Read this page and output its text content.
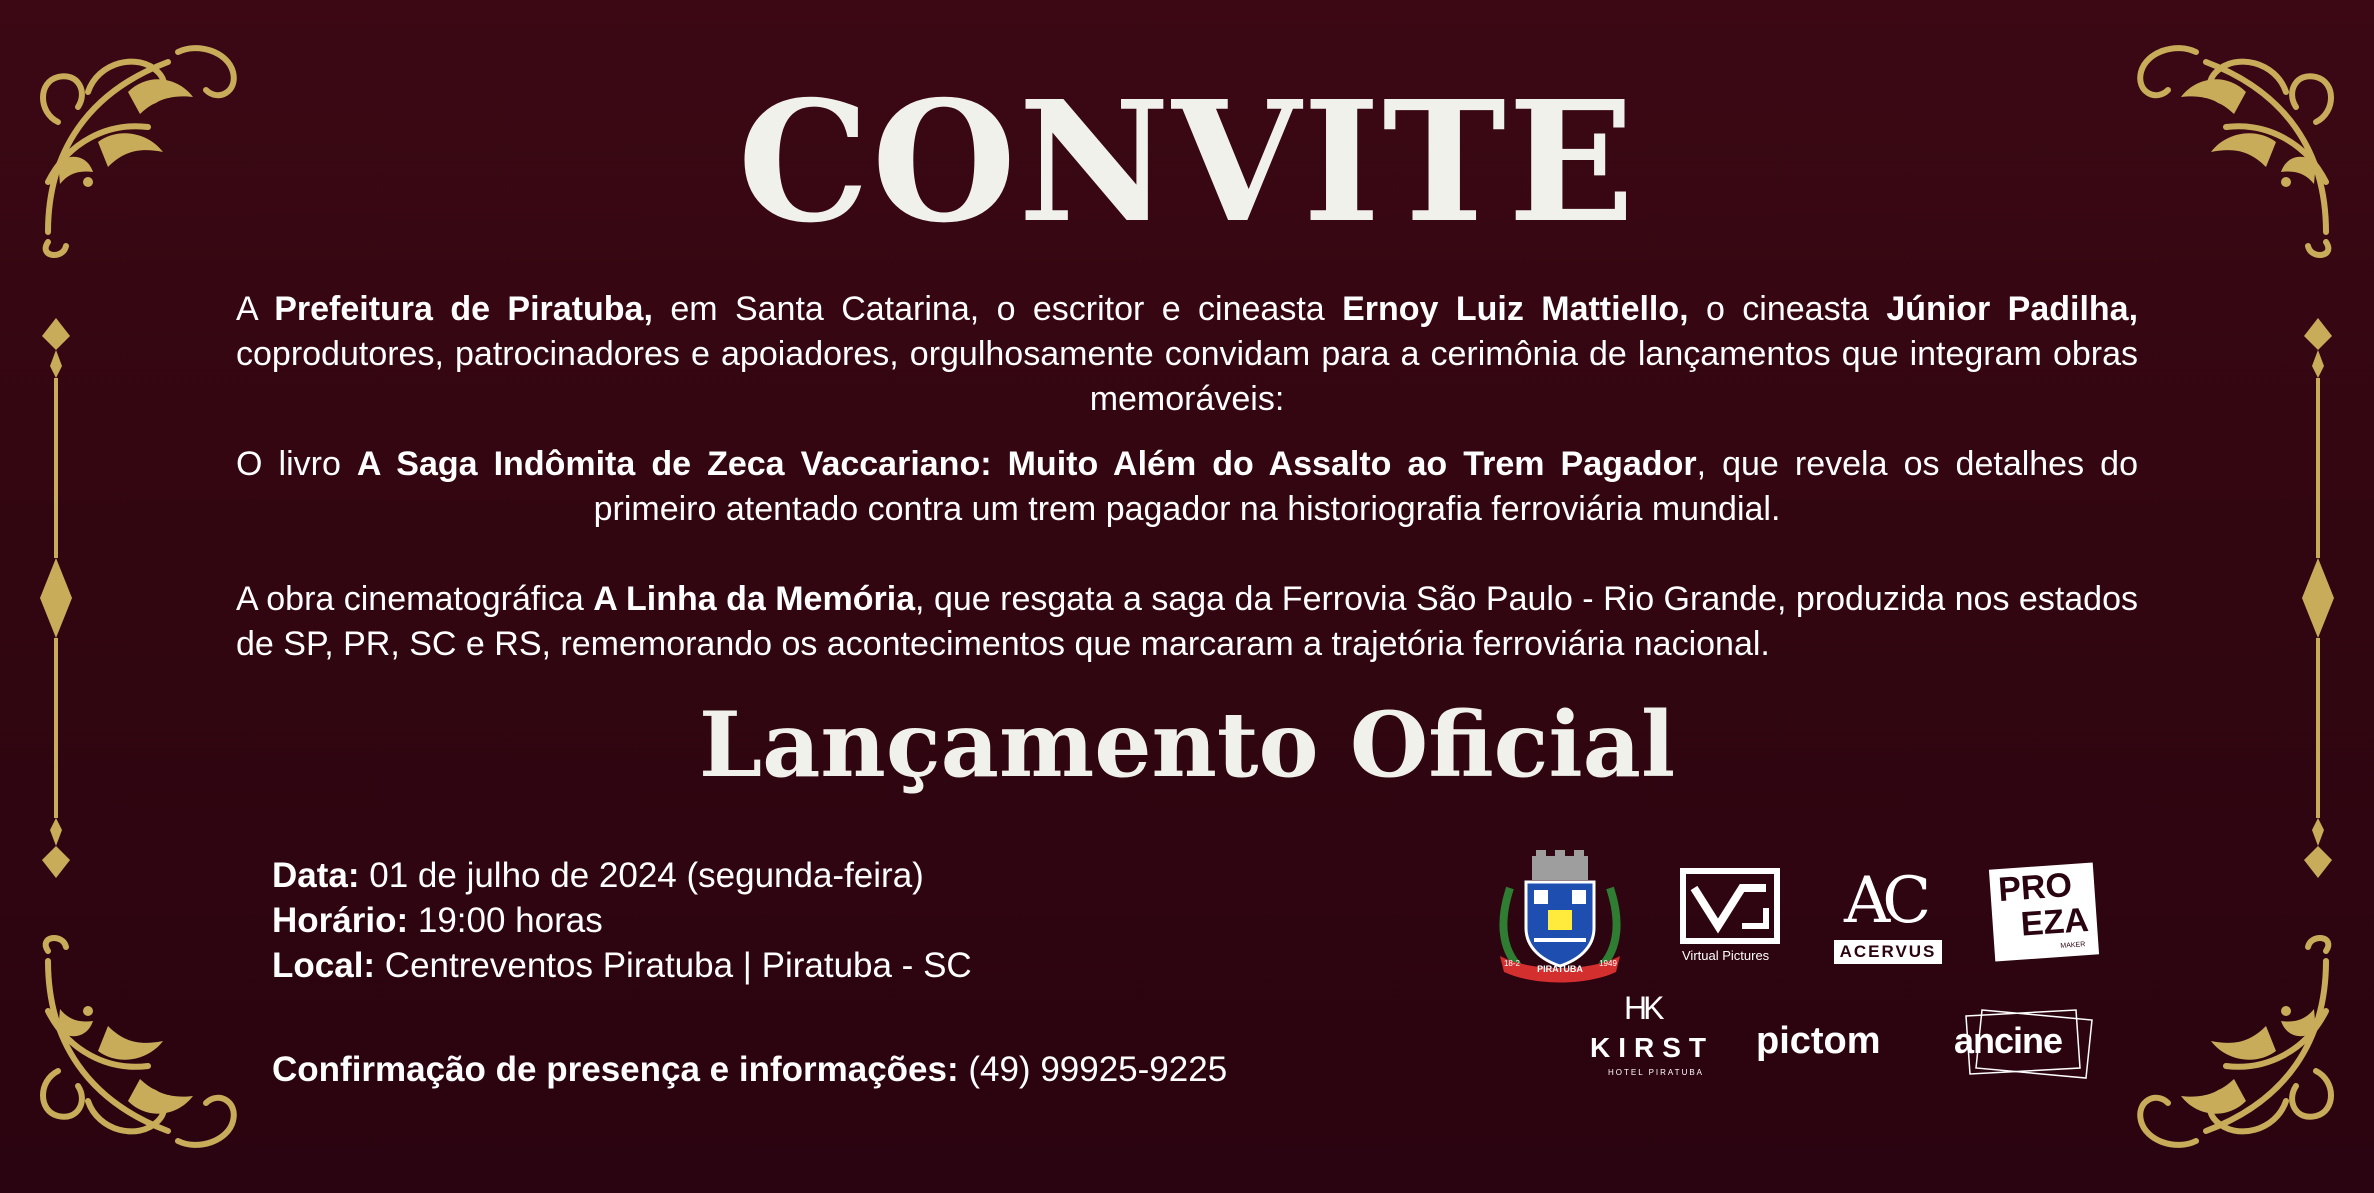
CONVITE
A Prefeitura de Piratuba, em Santa Catarina, o escritor e cineasta Ernoy Luiz Mattiello, o cineasta Júnior Padilha, coprodutores, patrocinadores e apoiadores, orgulhosamente convidam para a cerimônia de lançamentos que integram obras memoráveis:
O livro A Saga Indômita de Zeca Vaccariano: Muito Além do Assalto ao Trem Pagador, que revela os detalhes do primeiro atentado contra um trem pagador na historiografia ferroviária mundial.
A obra cinematográfica A Linha da Memória, que resgata a saga da Ferrovia São Paulo - Rio Grande, produzida nos estados de SP, PR, SC e RS, rememorando os acontecimentos que marcaram a trajetória ferroviária nacional.
Lançamento Oficial
Data: 01 de julho de 2024 (segunda-feira)
Horário: 19:00 horas
Local: Centreventos Piratuba | Piratuba - SC
Confirmação de presença e informações: (49) 99925-9225
PIRATUBA
18-2	1949
Virtual Pictures
AC
ACERVUS
PRO
EZA
MAKER
HK
KIRST
HOTEL PIRATUBA
pictom ancine
